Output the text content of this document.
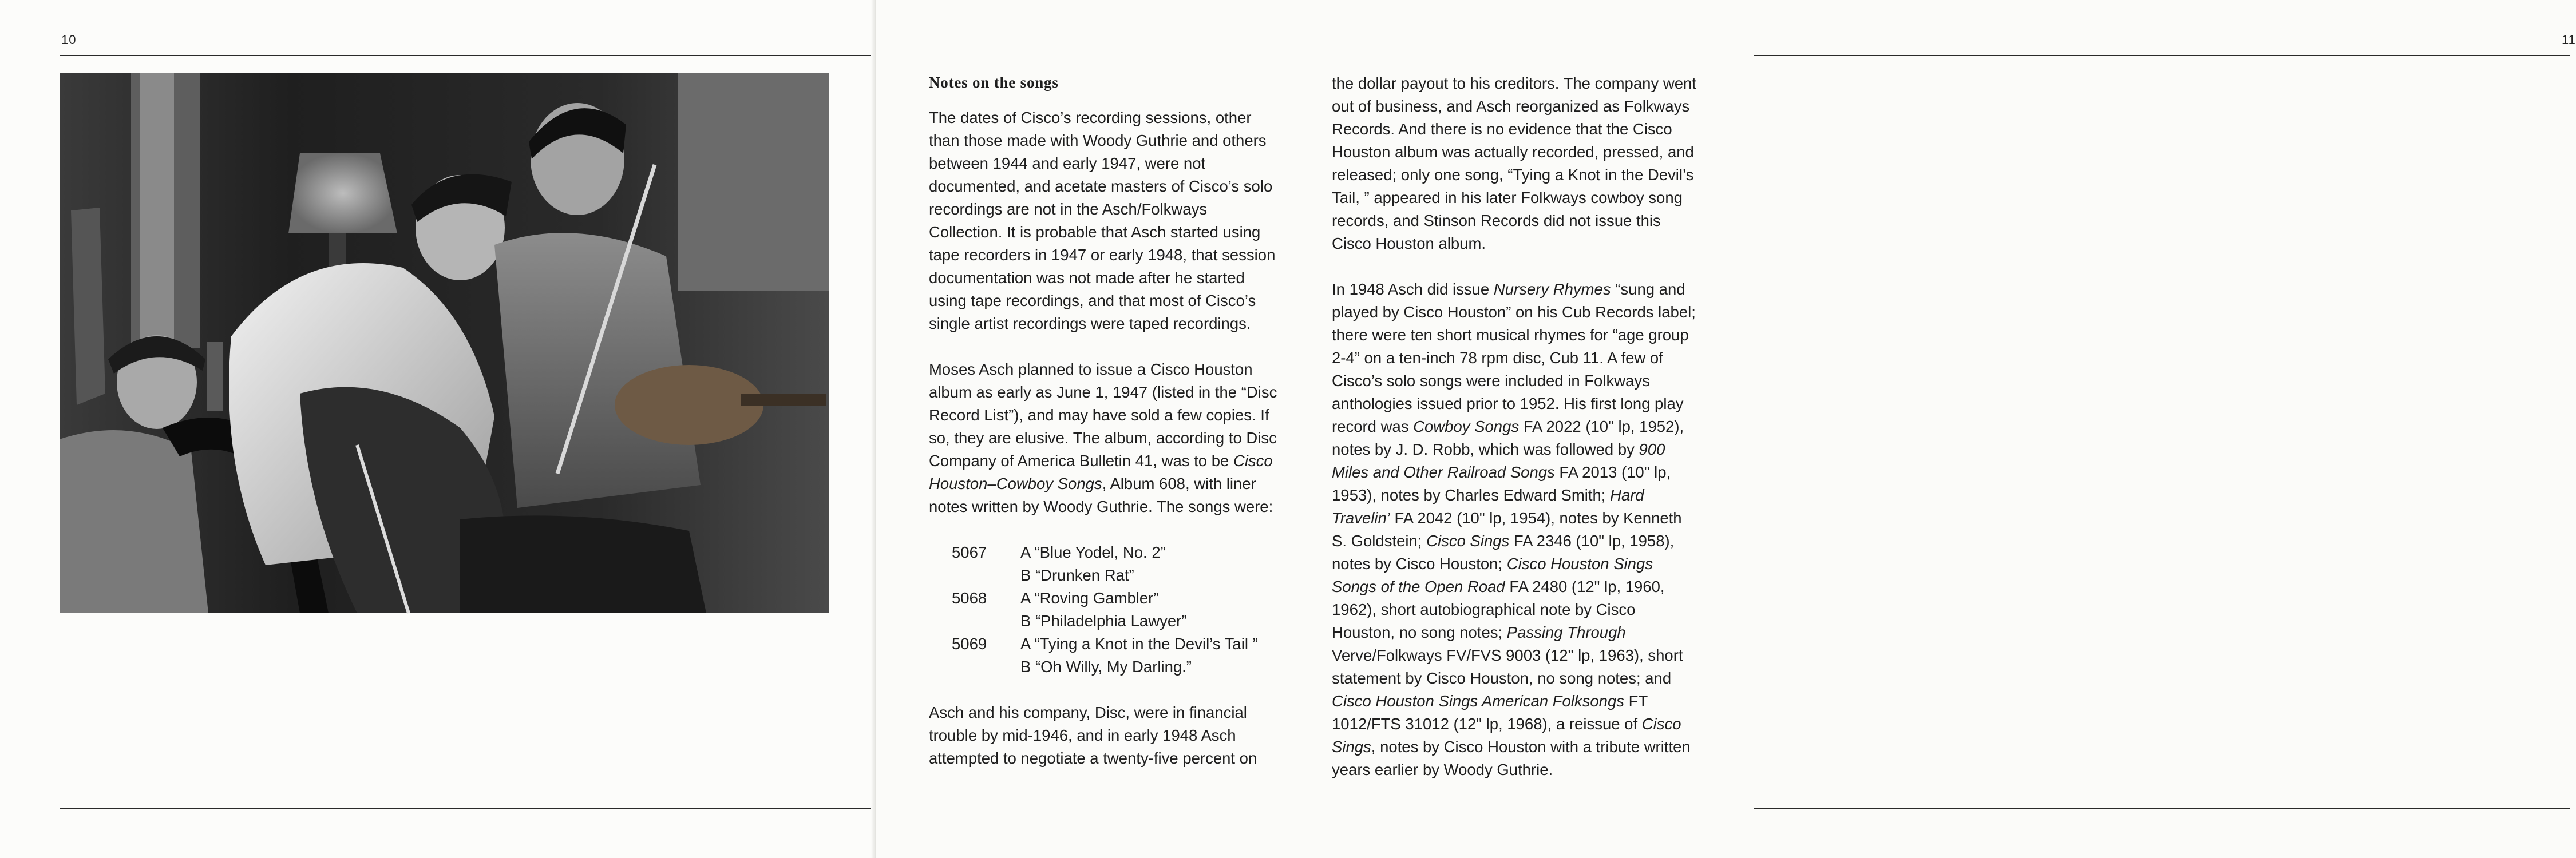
10	11
Notes on the songs

The dates of Cisco’s recording sessions, other than those made with Woody Guthrie and others between 1944 and early 1947, were not documented, and acetate masters of Cisco’s solo recordings are not in the Asch/Folkways Collection. It is probable that Asch started using tape recorders in 1947 or early 1948, that session documentation was not made after he started using tape recordings, and that most of Cisco’s single artist recordings were taped recordings.

Moses Asch planned to issue a Cisco Houston album as early as June 1, 1947 (listed in the “Disc Record List”), and may have sold a few copies. If so, they are elusive. The album, according to Disc Company of America Bulletin 41, was to be Cisco Houston–Cowboy Songs, Album 608, with liner notes written by Woody Guthrie. The songs were:

5067	A “Blue Yodel, No. 2”
B “Drunken Rat”
5068	A “Roving Gambler”
B “Philadelphia Lawyer”
5069	A “Tying a Knot in the Devil’s Tail ”
B “Oh Willy, My Darling.”

Asch and his company, Disc, were in financial trouble by mid-1946, and in early 1948 Asch attempted to negotiate a twenty-five percent on

the dollar payout to his creditors. The company went out of business, and Asch reorganized as Folkways Records. And there is no evidence that the Cisco Houston album was actually recorded, pressed, and released; only one song, “Tying a Knot in the Devil’s Tail, ” appeared in his later Folkways cowboy song records, and Stinson Records did not issue this Cisco Houston album.

In 1948 Asch did issue Nursery Rhymes “sung and played by Cisco Houston” on his Cub Records label; there were ten short musical rhymes for “age group 2-4” on a ten-inch 78 rpm disc, Cub 11. A few of Cisco’s solo songs were included in Folkways anthologies issued prior to 1952. His first long play record was Cowboy Songs FA 2022 (10" lp, 1952), notes by J. D. Robb, which was followed by 900 Miles and Other Railroad Songs FA 2013 (10" lp, 1953), notes by Charles Edward Smith; Hard Travelin’ FA 2042 (10" lp, 1954), notes by Kenneth S. Goldstein; Cisco Sings FA 2346 (10" lp, 1958), notes by Cisco Houston; Cisco Houston Sings Songs of the Open Road FA 2480 (12" lp, 1960, 1962), short autobiographical note by Cisco Houston, no song notes; Passing Through Verve/Folkways FV/FVS 9003 (12" lp, 1963), short statement by Cisco Houston, no song notes; and Cisco Houston Sings American Folksongs FT 1012/FTS 31012 (12" lp, 1968), a reissue of Cisco Sings, notes by Cisco Houston with a tribute written years earlier by Woody Guthrie.
